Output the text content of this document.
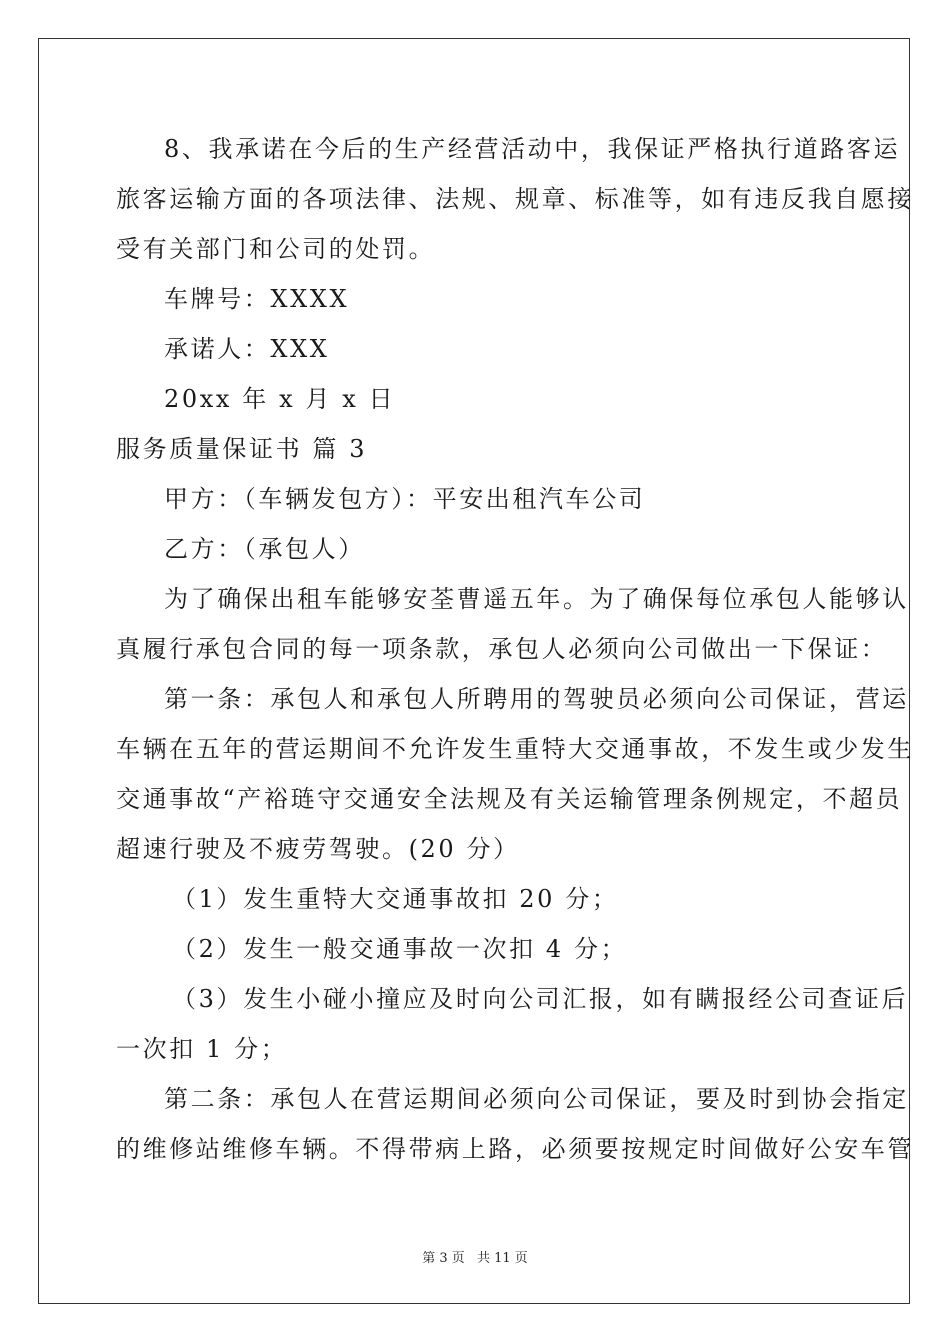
8、我承诺在今后的生产经营活动中，我保证严格执行道路客运
旅客运输方面的各项法律、法规、规章、标准等，如有违反我自愿接
受有关部门和公司的处罚。
车牌号：XXXX
承诺人：XXX
20xx 年 x 月 x 日
服务质量保证书 篇 3
甲方：（车辆发包方）：平安出租汽车公司
乙方：（承包人）
为了确保出租车能够安荃曹遥五年。为了确保每位承包人能够认
真履行承包合同的每一项条款，承包人必须向公司做出一下保证：
第一条：承包人和承包人所聘用的驾驶员必须向公司保证，营运
车辆在五年的营运期间不允许发生重特大交通事故，不发生或少发生
交通事故“产裕琏守交通安全法规及有关运输管理条例规定，不超员
超速行驶及不疲劳驾驶。(20 分）
（1）发生重特大交通事故扣 20 分；
（2）发生一般交通事故一次扣 4 分；
（3）发生小碰小撞应及时向公司汇报，如有瞒报经公司查证后
一次扣 1 分；
第二条：承包人在营运期间必须向公司保证，要及时到协会指定
的维修站维修车辆。不得带病上路，必须要按规定时间做好公安车管
第 3 页 共 11 页
